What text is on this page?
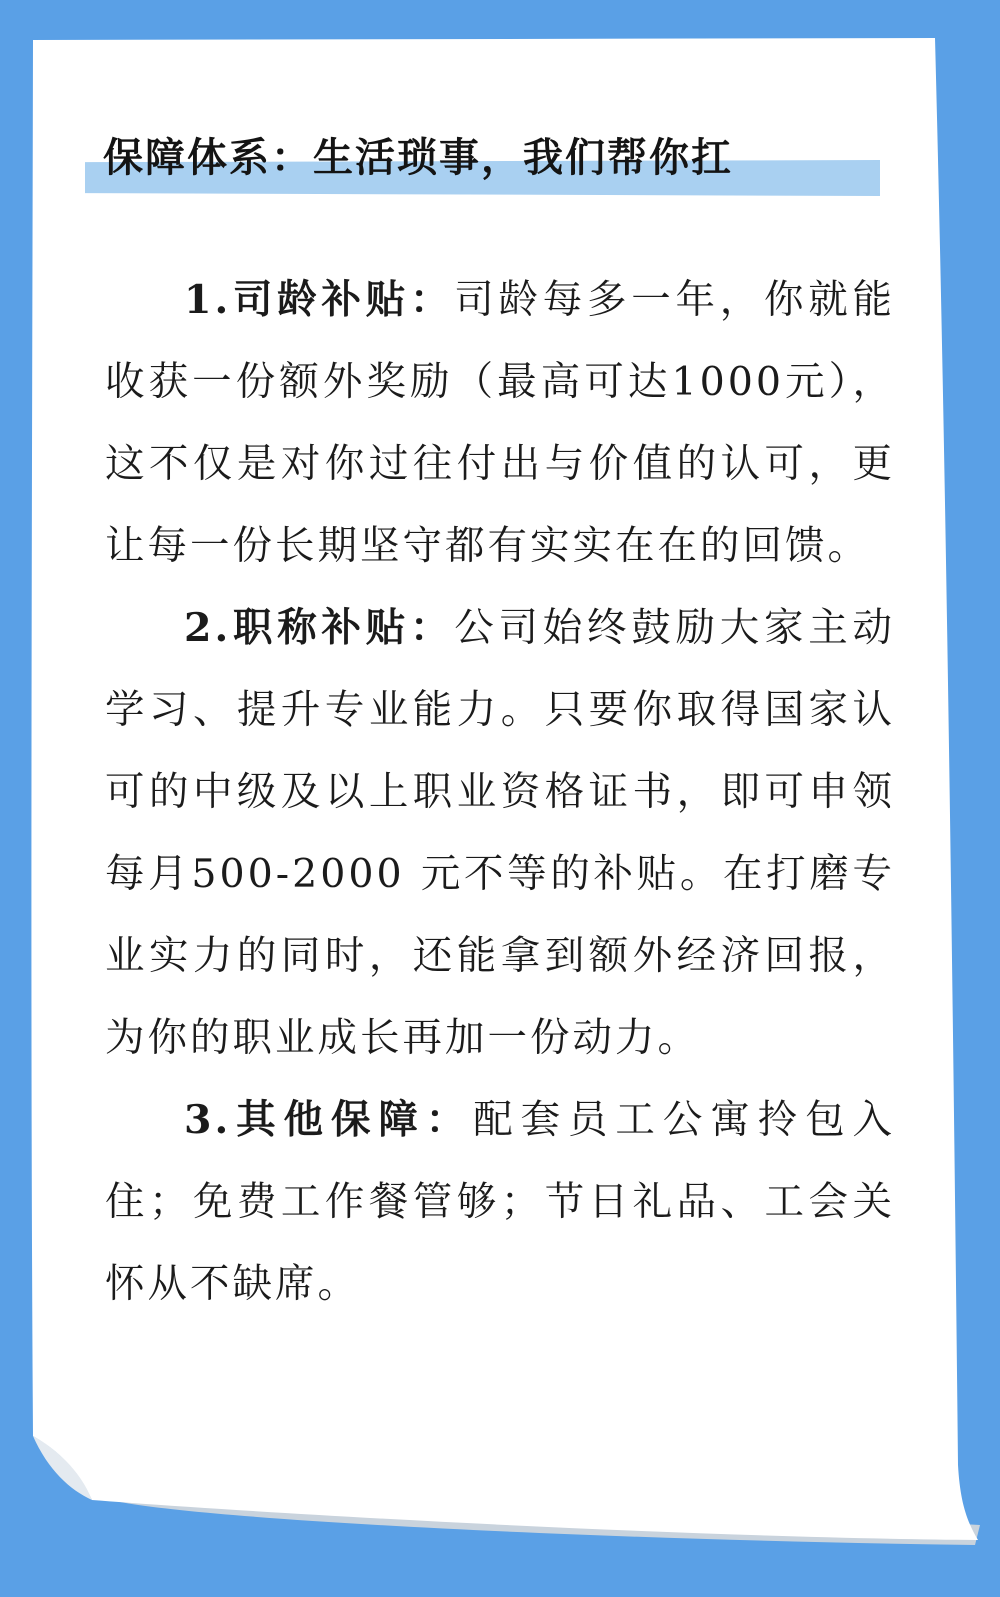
保障体系：生活琐事，我们帮你扛

1.司龄补贴：司龄每多一年，你就能收获一份额外奖励（最高可达1000元），这不仅是对你过往付出与价值的认可，更让每一份长期坚守都有实实在在的回馈。

2.职称补贴：公司始终鼓励大家主动学习、提升专业能力。只要你取得国家认可的中级及以上职业资格证书，即可申领每月500-2000 元不等的补贴。在打磨专业实力的同时，还能拿到额外经济回报，为你的职业成长再加一份动力。

3.其他保障：配套员工公寓拎包入住；免费工作餐管够；节日礼品、工会关怀从不缺席。
